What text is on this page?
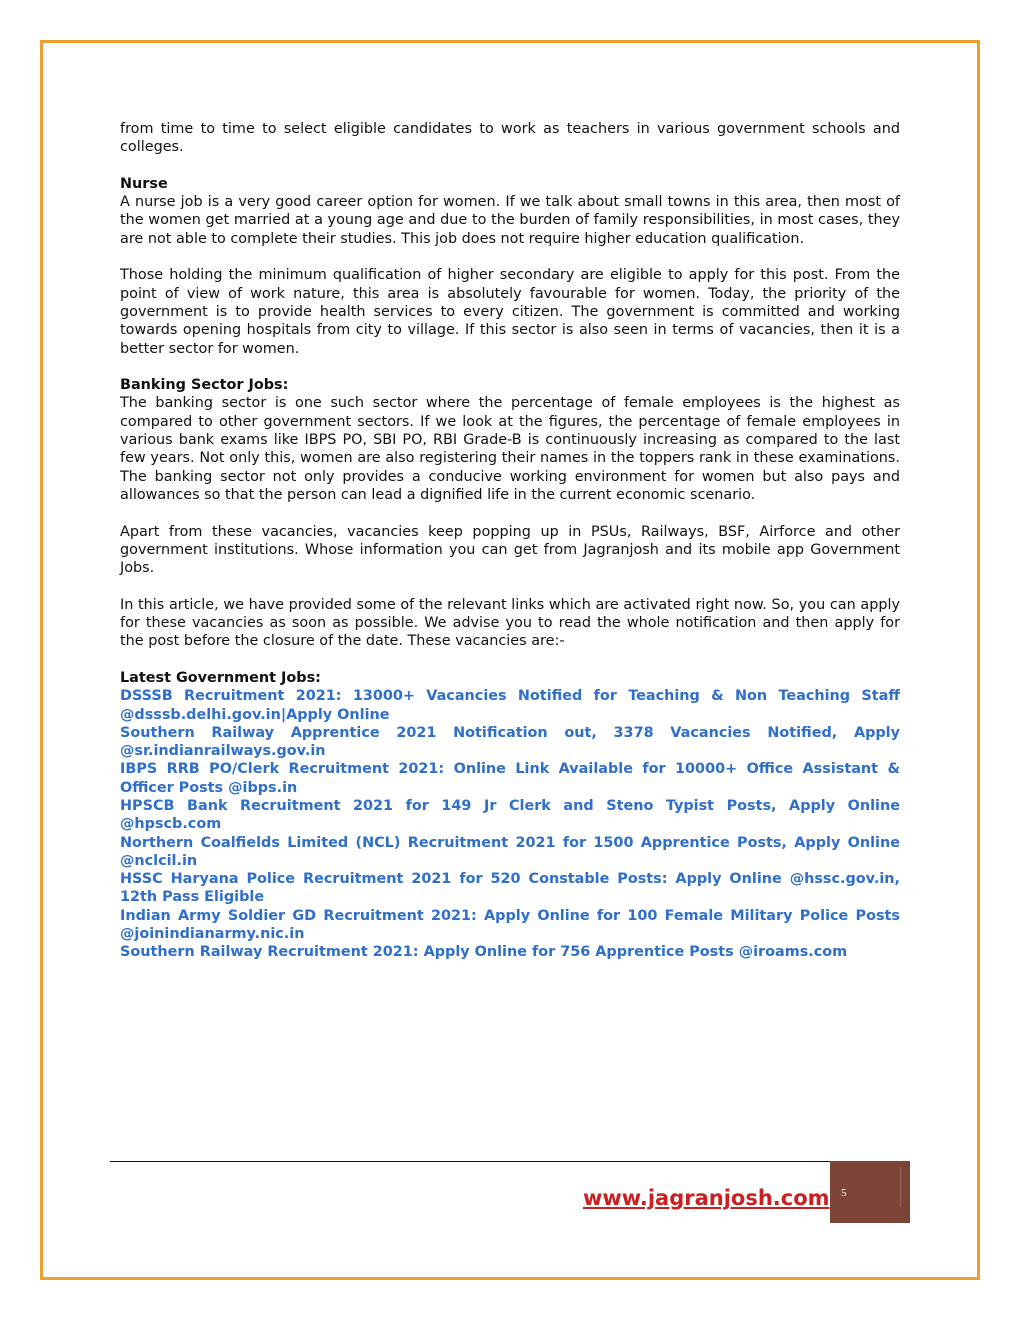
from time to time to select eligible candidates to work as teachers in various government schools and colleges.

Nurse

A nurse job is a very good career option for women. If we talk about small towns in this area, then most of the women get married at a young age and due to the burden of family responsibilities, in most cases, they are not able to complete their studies. This job does not require higher education qualification.

Those holding the minimum qualification of higher secondary are eligible to apply for this post. From the point of view of work nature, this area is absolutely favourable for women. Today, the priority of the government is to provide health services to every citizen. The government is committed and working towards opening hospitals from city to village. If this sector is also seen in terms of vacancies, then it is a better sector for women.

Banking Sector Jobs:

The banking sector is one such sector where the percentage of female employees is the highest as compared to other government sectors. If we look at the figures, the percentage of female employees in various bank exams like IBPS PO, SBI PO, RBI Grade-B is continuously increasing as compared to the last few years. Not only this, women are also registering their names in the toppers rank in these examinations. The banking sector not only provides a conducive working environment for women but also pays and allowances so that the person can lead a dignified life in the current economic scenario.

Apart from these vacancies, vacancies keep popping up in PSUs, Railways, BSF, Airforce and other government institutions. Whose information you can get from Jagranjosh and its mobile app Government Jobs.

In this article, we have provided some of the relevant links which are activated right now. So, you can apply for these vacancies as soon as possible. We advise you to read the whole notification and then apply for the post before the closure of the date. These vacancies are:-

Latest Government Jobs:

DSSSB Recruitment 2021: 13000+ Vacancies Notified for Teaching & Non Teaching Staff @dsssb.delhi.gov.in|Apply Online
Southern Railway Apprentice 2021 Notification out, 3378 Vacancies Notified, Apply @sr.indianrailways.gov.in
IBPS RRB PO/Clerk Recruitment 2021: Online Link Available for 10000+ Office Assistant & Officer Posts @ibps.in
HPSCB Bank Recruitment 2021 for 149 Jr Clerk and Steno Typist Posts, Apply Online @hpscb.com
Northern Coalfields Limited (NCL) Recruitment 2021 for 1500 Apprentice Posts, Apply Online @nclcil.in
HSSC Haryana Police Recruitment 2021 for 520 Constable Posts: Apply Online @hssc.gov.in, 12th Pass Eligible
Indian Army Soldier GD Recruitment 2021: Apply Online for 100 Female Military Police Posts @joinindianarmy.nic.in
Southern Railway Recruitment 2021: Apply Online for 756 Apprentice Posts @iroams.com
www.jagranjosh.com 5
